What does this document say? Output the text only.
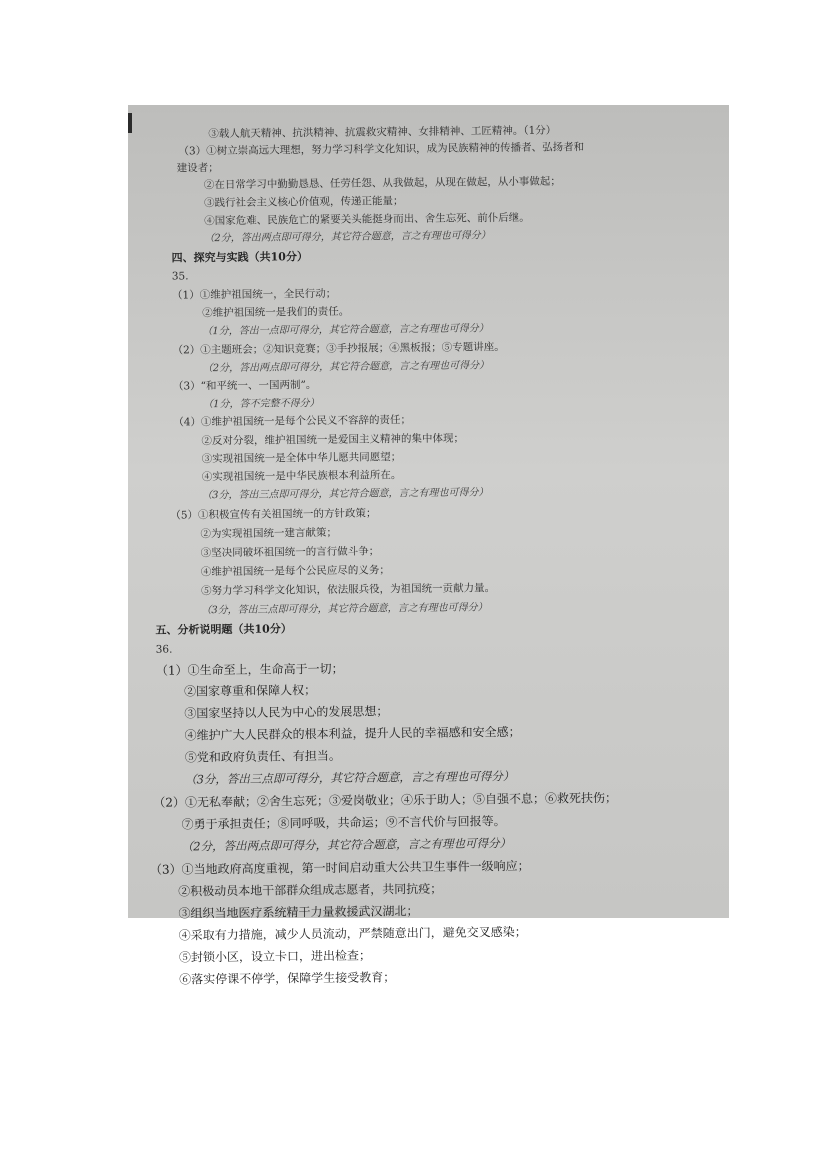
③载人航天精神、抗洪精神、抗震救灾精神、女排精神、工匠精神。（1分）
（3）①树立崇高远大理想，努力学习科学文化知识，成为民族精神的传播者、弘扬者和
建设者；
②在日常学习中勤勤恳恳、任劳任怨、从我做起，从现在做起，从小事做起；
③践行社会主义核心价值观，传递正能量；
④国家危难、民族危亡的紧要关头能挺身而出、舍生忘死、前仆后继。
（2分，答出两点即可得分，其它符合题意，言之有理也可得分）
四、探究与实践（共10分）
35.
（1）①维护祖国统一，全民行动；
②维护祖国统一是我们的责任。
（1分，答出一点即可得分，其它符合题意，言之有理也可得分）
（2）①主题班会；②知识竞赛；③手抄报展；④黑板报；⑤专题讲座。
（2分，答出两点即可得分，其它符合题意，言之有理也可得分）
（3）“和平统一、一国两制”。
（1分，答不完整不得分）
（4）①维护祖国统一是每个公民义不容辞的责任；
②反对分裂，维护祖国统一是爱国主义精神的集中体现；
③实现祖国统一是全体中华儿愿共同愿望；
④实现祖国统一是中华民族根本利益所在。
（3分，答出三点即可得分，其它符合题意，言之有理也可得分）
（5）①积极宣传有关祖国统一的方针政策；
②为实现祖国统一建言献策；
③坚决同破坏祖国统一的言行做斗争；
④维护祖国统一是每个公民应尽的义务；
⑤努力学习科学文化知识，依法服兵役，为祖国统一贡献力量。
（3分，答出三点即可得分，其它符合题意，言之有理也可得分）
五、分析说明题（共10分）
36.
（1）①生命至上，生命高于一切；
②国家尊重和保障人权；
③国家坚持以人民为中心的发展思想；
④维护广大人民群众的根本利益，提升人民的幸福感和安全感；
⑤党和政府负责任、有担当。
（3分，答出三点即可得分，其它符合题意，言之有理也可得分）
（2）①无私奉献；②舍生忘死；③爱岗敬业；④乐于助人；⑤自强不息；⑥救死扶伤；
⑦勇于承担责任；⑧同呼吸，共命运；⑨不言代价与回报等。
（2分，答出两点即可得分，其它符合题意，言之有理也可得分）
（3）①当地政府高度重视，第一时间启动重大公共卫生事件一级响应；
②积极动员本地干部群众组成志愿者，共同抗疫；
③组织当地医疗系统精干力量救援武汉湖北；
④采取有力措施，减少人员流动，严禁随意出门，避免交叉感染；
⑤封锁小区，设立卡口，进出检查；
⑥落实停课不停学，保障学生接受教育；
